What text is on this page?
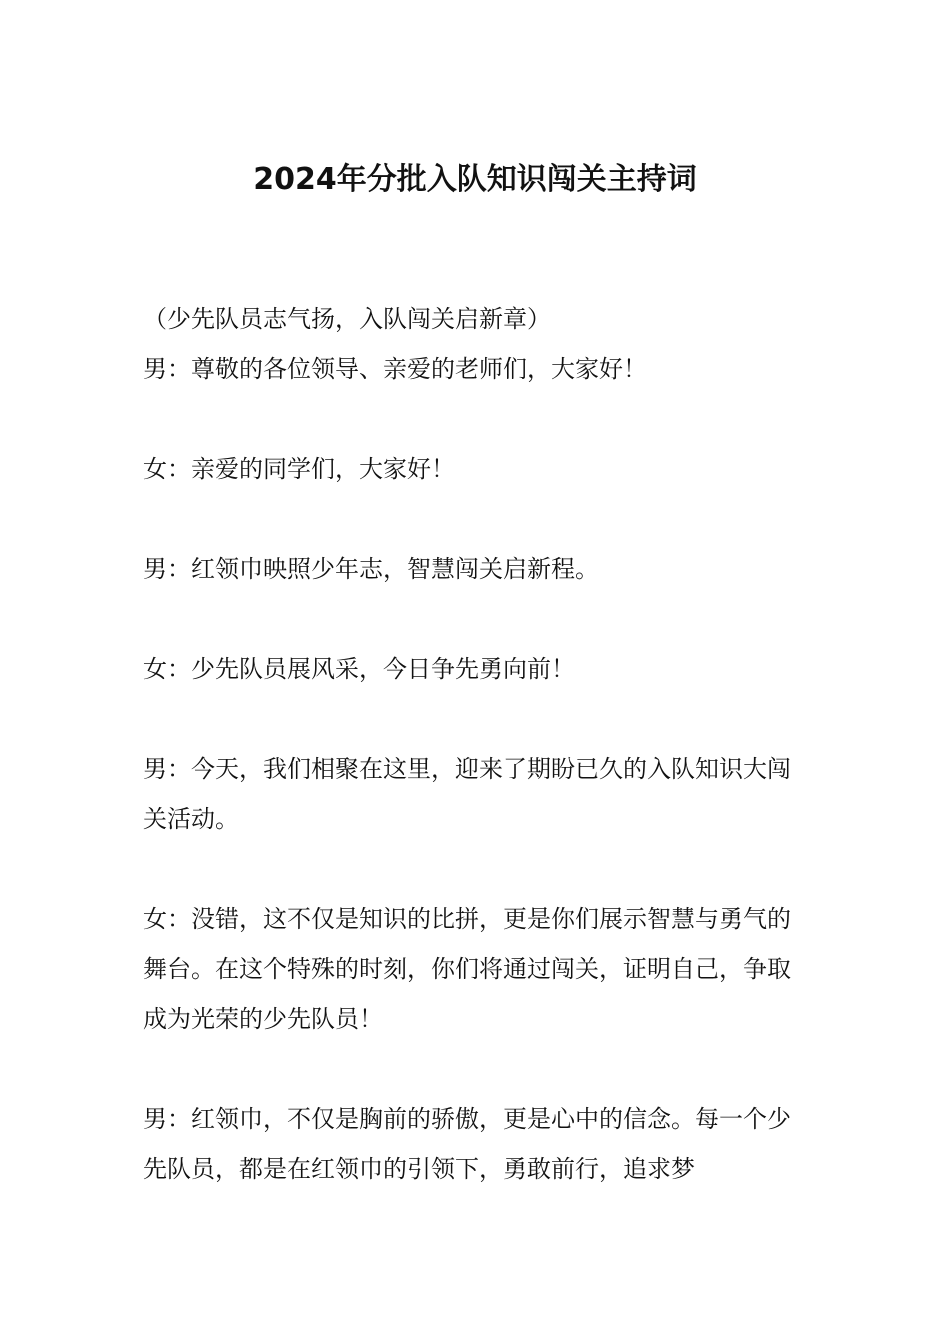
2024年分批入队知识闯关主持词

（少先队员志气扬，入队闯关启新章）

男：尊敬的各位领导、亲爱的老师们，大家好！

女：亲爱的同学们，大家好！

男：红领巾映照少年志，智慧闯关启新程。

女：少先队员展风采，今日争先勇向前！

男：今天，我们相聚在这里，迎来了期盼已久的入队知识大闯关活动。

女：没错，这不仅是知识的比拼，更是你们展示智慧与勇气的舞台。在这个特殊的时刻，你们将通过闯关，证明自己，争取成为光荣的少先队员！

男：红领巾，不仅是胸前的骄傲，更是心中的信念。每一个少先队员，都是在红领巾的引领下，勇敢前行，追求梦
